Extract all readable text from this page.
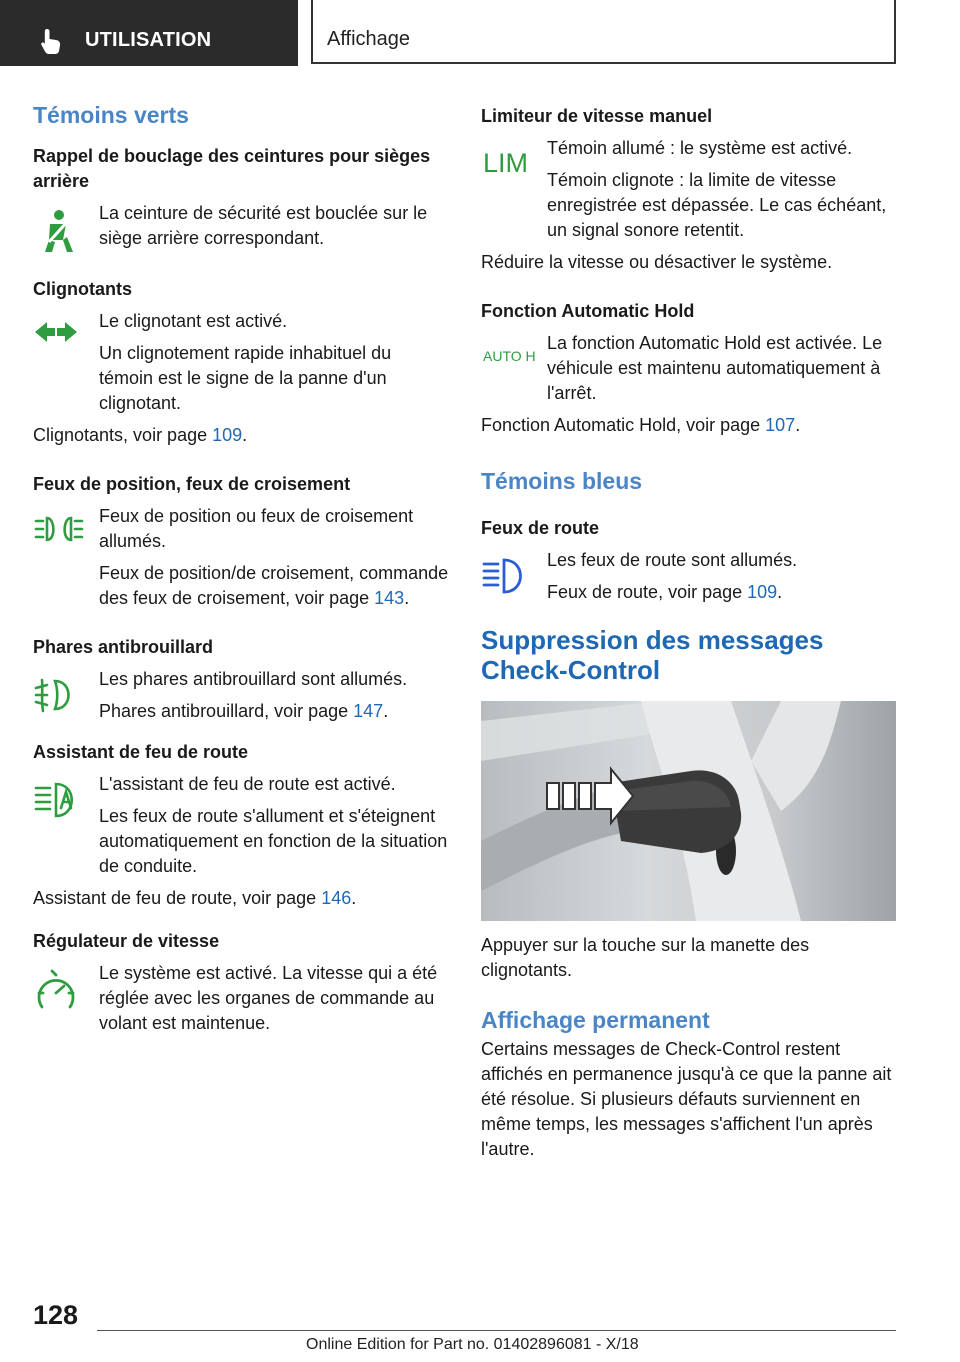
UTILISATION	Affichage
Témoins verts
Rappel de bouclage des ceintures pour sièges arrière

La ceinture de sécurité est bouclée sur le siège arrière correspondant.

Clignotants

Le clignotant est activé.

Un clignotement rapide inhabituel du témoin est le signe de la panne d'un clignotant.

Clignotants, voir page 109.

Feux de position, feux de croisement

Feux de position ou feux de croisement allumés.

Feux de position/de croisement, commande des feux de croisement, voir page 143.

Phares antibrouillard

Les phares antibrouillard sont allumés.

Phares antibrouillard, voir page 147.

Assistant de feu de route

L'assistant de feu de route est activé.

Les feux de route s'allument et s'éteignent automatiquement en fonction de la situation de conduite.

Assistant de feu de route, voir page 146.

Régulateur de vitesse

Le système est activé. La vitesse qui a été réglée avec les organes de commande au volant est maintenue.

Limiteur de vitesse manuel
LIM Témoin allumé : le système est activé.

Témoin clignote : la limite de vitesse enregistrée est dépassée. Le cas échéant, un signal sonore retentit.

Réduire la vitesse ou désactiver le système.

Fonction Automatic Hold
AUTO H

La fonction Automatic Hold est activée. Le véhicule est maintenu automatiquement à l'arrêt.

Fonction Automatic Hold, voir page 107.

Témoins bleus
Feux de route

Les feux de route sont allumés.

Feux de route, voir page 109.

Suppression des messages Check-Control

Appuyer sur la touche sur la manette des clignotants.

Affichage permanent

Certains messages de Check-Control restent affichés en permanence jusqu'à ce que la panne ait été résolue. Si plusieurs défauts surviennent en même temps, les messages s'affichent l'un après l'autre.

128
Online Edition for Part no. 01402896081 - X/18
